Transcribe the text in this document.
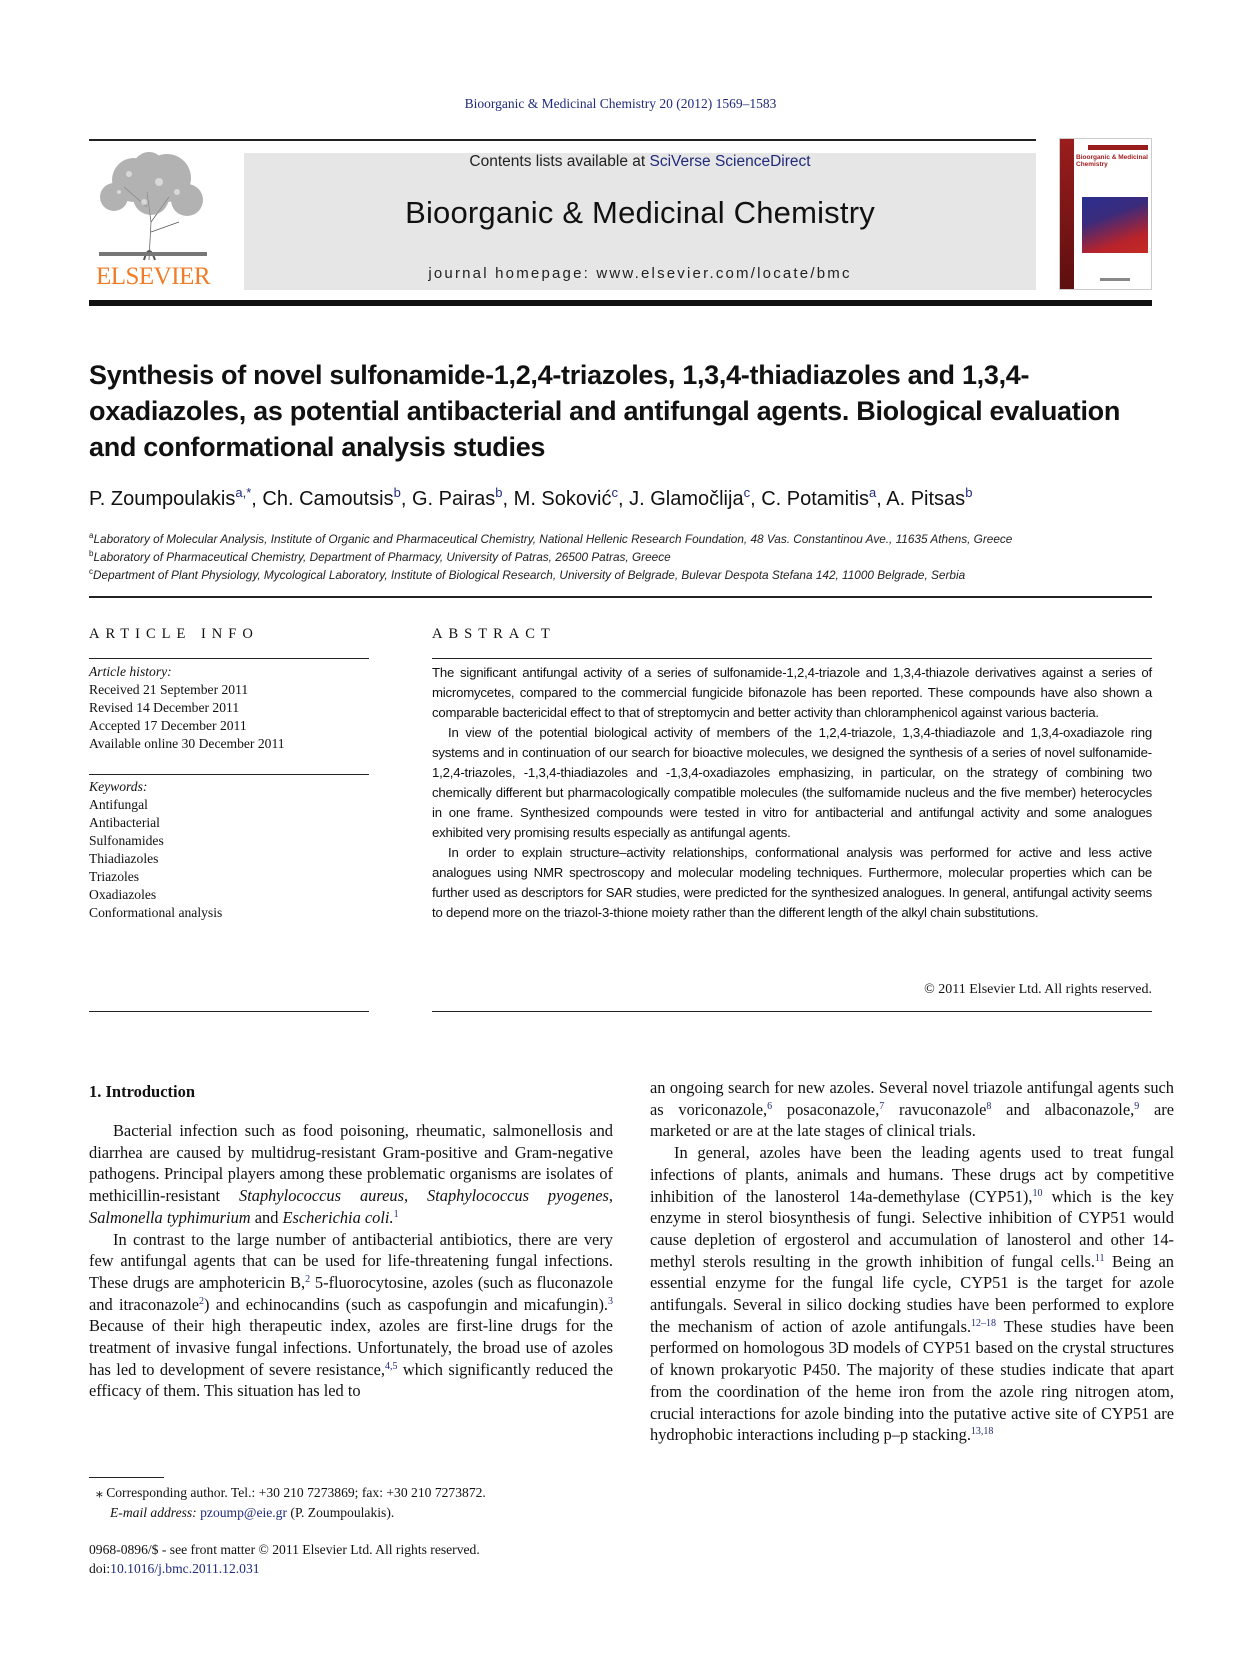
Bioorganic & Medicinal Chemistry 20 (2012) 1569–1583
ELSEVIER
Contents lists available at SciVerse ScienceDirect
Bioorganic & Medicinal Chemistry
journal homepage: www.elsevier.com/locate/bmc
Bioorganic & Medicinal
Chemistry
Synthesis of novel sulfonamide-1,2,4-triazoles, 1,3,4-thiadiazoles and 1,3,4-oxadiazoles, as potential antibacterial and antifungal agents. Biological evaluation and conformational analysis studies
P. Zoumpoulakis$^{a,*}$, Ch. Camoutsis$^b$, G. Pairas$^b$, M. Soković$^c$, J. Glamočlija$^c$, C. Potamitis$^a$, A. Pitsas$^b$
$^a$Laboratory of Molecular Analysis, Institute of Organic and Pharmaceutical Chemistry, National Hellenic Research Foundation, 48 Vas. Constantinou Ave., 11635 Athens, Greece
$^b$Laboratory of Pharmaceutical Chemistry, Department of Pharmacy, University of Patras, 26500 Patras, Greece
$^c$Department of Plant Physiology, Mycological Laboratory, Institute of Biological Research, University of Belgrade, Bulevar Despota Stefana 142, 11000 Belgrade, Serbia
ARTICLE INFO
Article history:
Received 21 September 2011
Revised 14 December 2011
Accepted 17 December 2011
Available online 30 December 2011
Keywords:
Antifungal
Antibacterial
Sulfonamides
Thiadiazoles
Triazoles
Oxadiazoles
Conformational analysis
ABSTRACT

The significant antifungal activity of a series of sulfonamide-1,2,4-triazole and 1,3,4-thiazole derivatives against a series of micromycetes, compared to the commercial fungicide bifonazole has been reported. These compounds have also shown a comparable bactericidal effect to that of streptomycin and better activity than chloramphenicol against various bacteria.

In view of the potential biological activity of members of the 1,2,4-triazole, 1,3,4-thiadiazole and 1,3,4-oxadiazole ring systems and in continuation of our search for bioactive molecules, we designed the synthesis of a series of novel sulfonamide-1,2,4-triazoles, -1,3,4-thiadiazoles and -1,3,4-oxadiazoles emphasizing, in particular, on the strategy of combining two chemically different but pharmacologically compatible molecules (the sulfomamide nucleus and the five member) heterocycles in one frame. Synthesized compounds were tested in vitro for antibacterial and antifungal activity and some analogues exhibited very promising results especially as antifungal agents.

In order to explain structure–activity relationships, conformational analysis was performed for active and less active analogues using NMR spectroscopy and molecular modeling techniques. Furthermore, molecular properties which can be further used as descriptors for SAR studies, were predicted for the synthesized analogues. In general, antifungal activity seems to depend more on the triazol-3-thione moiety rather than the different length of the alkyl chain substitutions.

© 2011 Elsevier Ltd. All rights reserved.
1. Introduction

Bacterial infection such as food poisoning, rheumatic, salmonellosis and diarrhea are caused by multidrug-resistant Gram-positive and Gram-negative pathogens. Principal players among these problematic organisms are isolates of methicillin-resistant Staphylococcus aureus, Staphylococcus pyogenes, Salmonella typhimurium and Escherichia coli.$^1$

In contrast to the large number of antibacterial antibiotics, there are very few antifungal agents that can be used for life-threatening fungal infections. These drugs are amphotericin B,$^2$ 5-fluorocytosine, azoles (such as fluconazole and itraconazole$^2$) and echinocandins (such as caspofungin and micafungin).$^3$ Because of their high therapeutic index, azoles are first-line drugs for the treatment of invasive fungal infections. Unfortunately, the broad use of azoles has led to development of severe resistance,$^{4,5}$ which significantly reduced the efficacy of them. This situation has led to

an ongoing search for new azoles. Several novel triazole antifungal agents such as voriconazole,$^6$ posaconazole,$^7$ ravuconazole$^8$ and albaconazole,$^9$ are marketed or are at the late stages of clinical trials.

In general, azoles have been the leading agents used to treat fungal infections of plants, animals and humans. These drugs act by competitive inhibition of the lanosterol 14a-demethylase (CYP51),$^{10}$ which is the key enzyme in sterol biosynthesis of fungi. Selective inhibition of CYP51 would cause depletion of ergosterol and accumulation of lanosterol and other 14-methyl sterols resulting in the growth inhibition of fungal cells.$^{11}$ Being an essential enzyme for the fungal life cycle, CYP51 is the target for azole antifungals. Several in silico docking studies have been performed to explore the mechanism of action of azole antifungals.$^{12-18}$ These studies have been performed on homologous 3D models of CYP51 based on the crystal structures of known prokaryotic P450. The majority of these studies indicate that apart from the coordination of the heme iron from the azole ring nitrogen atom, crucial interactions for azole binding into the putative active site of CYP51 are hydrophobic interactions including p–p stacking.$^{13,18}$

⁎ Corresponding author. Tel.: +30 210 7273869; fax: +30 210 7273872.
E-mail address: pzoump@eie.gr (P. Zoumpoulakis).
0968-0896/$ - see front matter © 2011 Elsevier Ltd. All rights reserved.
doi:10.1016/j.bmc.2011.12.031
